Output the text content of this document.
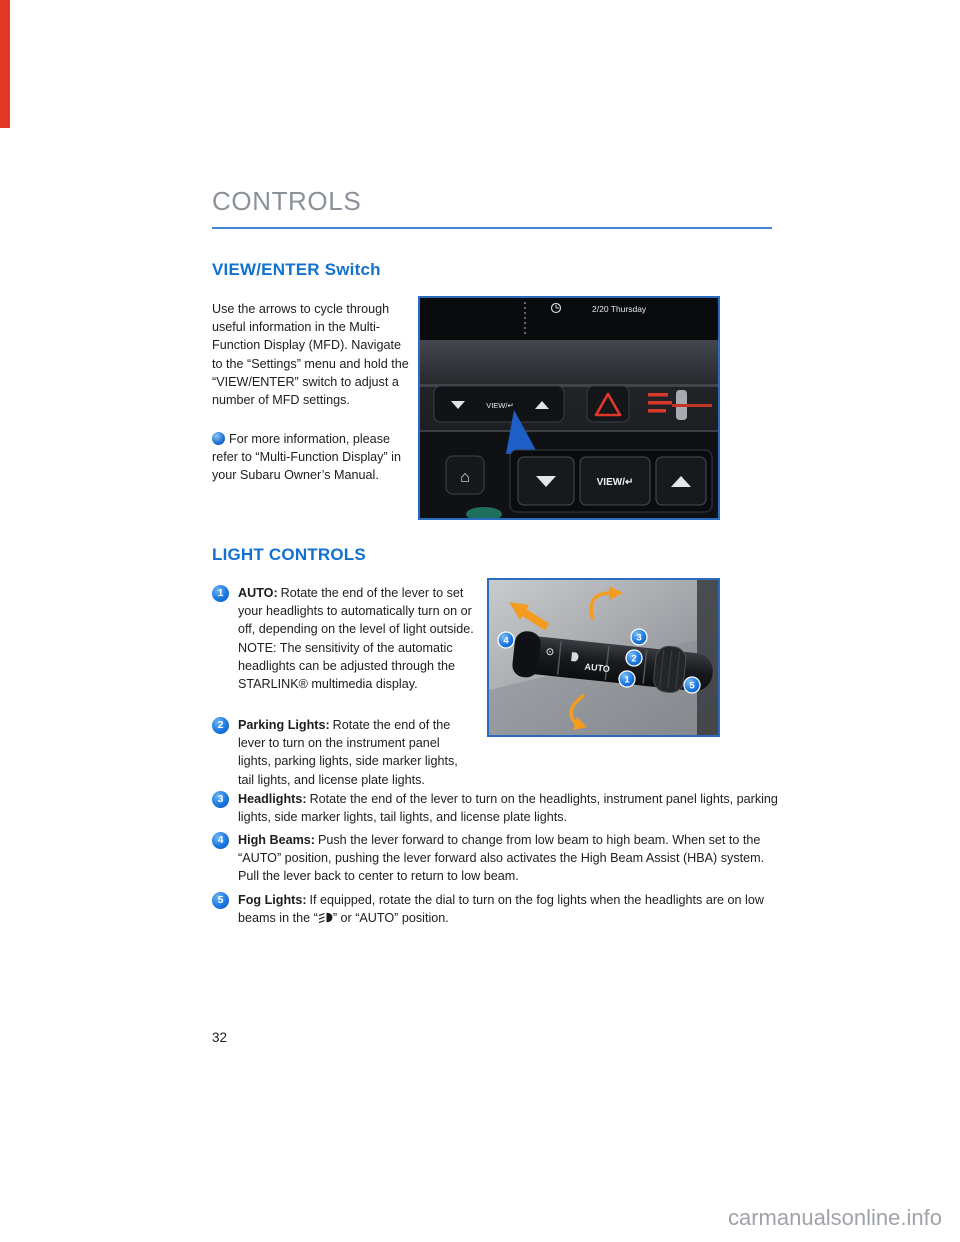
CONTROLS
VIEW/ENTER Switch
Use the arrows to cycle through useful information in the Multi-Function Display (MFD). Navigate to the “Settings” menu and hold the “VIEW/ENTER” switch to adjust a number of MFD settings.
For more information, please refer to “Multi-Function Display” in your Subaru Owner’s Manual.
2/20 Thursday
VIEW/↵
⌂	VIEW/↵
LIGHT CONTROLS
1	AUTO: Rotate the end of the lever to set your headlights to automatically turn on or off, depending on the level of light outside.
NOTE: The sensitivity of the automatic headlights can be adjusted through the STARLINK® multimedia display.
2	Parking Lights: Rotate the end of the lever to turn on the instrument panel lights, parking lights, side marker lights, tail lights, and license plate lights.
3	Headlights: Rotate the end of the lever to turn on the headlights, instrument panel lights, parking lights, side marker lights, tail lights, and license plate lights.
4	High Beams: Push the lever forward to change from low beam to high beam. When set to the “AUTO” position, pushing the lever forward also activates the High Beam Assist (HBA) system. Pull the lever back to center to return to low beam.
5	Fog Lights: If equipped, rotate the dial to turn on the fog lights when the headlights are on low beams in the “ ” or “AUTO” position.
AUTO
4	3
2
1
5
32
carmanualsonline.info
